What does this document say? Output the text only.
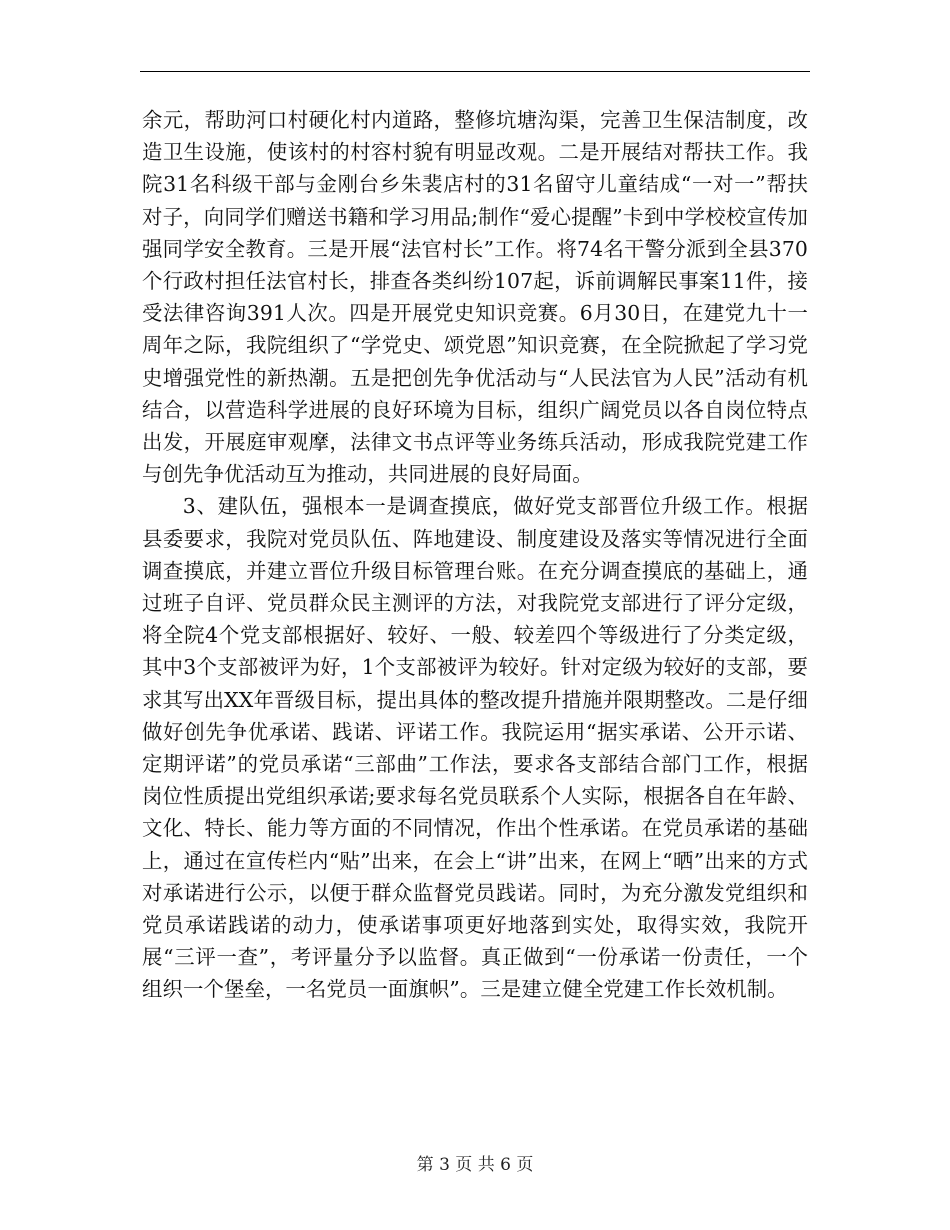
余元，帮助河口村硬化村内道路，整修坑塘沟渠，完善卫生保洁制度，改造卫生设施，使该村的村容村貌有明显改观。二是开展结对帮扶工作。我院31名科级干部与金刚台乡朱裴店村的31名留守儿童结成“一对一”帮扶对子，向同学们赠送书籍和学习用品;制作“爱心提醒”卡到中学校校宣传加强同学安全教育。三是开展“法官村长”工作。将74名干警分派到全县370个行政村担任法官村长，排查各类纠纷107起，诉前调解民事案11件，接受法律咨询391人次。四是开展党史知识竞赛。6月30日，在建党九十一周年之际，我院组织了“学党史、颂党恩”知识竞赛，在全院掀起了学习党史增强党性的新热潮。五是把创先争优活动与“人民法官为人民”活动有机结合，以营造科学进展的良好环境为目标，组织广阔党员以各自岗位特点出发，开展庭审观摩，法律文书点评等业务练兵活动，形成我院党建工作与创先争优活动互为推动，共同进展的良好局面。

3、建队伍，强根本一是调查摸底，做好党支部晋位升级工作。根据县委要求，我院对党员队伍、阵地建设、制度建设及落实等情况进行全面调查摸底，并建立晋位升级目标管理台账。在充分调查摸底的基础上，通过班子自评、党员群众民主测评的方法，对我院党支部进行了评分定级，将全院4个党支部根据好、较好、一般、较差四个等级进行了分类定级，其中3个支部被评为好，1个支部被评为较好。针对定级为较好的支部，要求其写出XX年晋级目标，提出具体的整改提升措施并限期整改。二是仔细做好创先争优承诺、践诺、评诺工作。我院运用“据实承诺、公开示诺、定期评诺”的党员承诺“三部曲”工作法，要求各支部结合部门工作，根据岗位性质提出党组织承诺;要求每名党员联系个人实际，根据各自在年龄、文化、特长、能力等方面的不同情况，作出个性承诺。在党员承诺的基础上，通过在宣传栏内“贴”出来，在会上“讲”出来，在网上“晒”出来的方式对承诺进行公示，以便于群众监督党员践诺。同时，为充分激发党组织和党员承诺践诺的动力，使承诺事项更好地落到实处，取得实效，我院开展“三评一查”，考评量分予以监督。真正做到“一份承诺一份责任，一个组织一个堡垒，一名党员一面旗帜”。三是建立健全党建工作长效机制。

第 3 页 共 6 页
